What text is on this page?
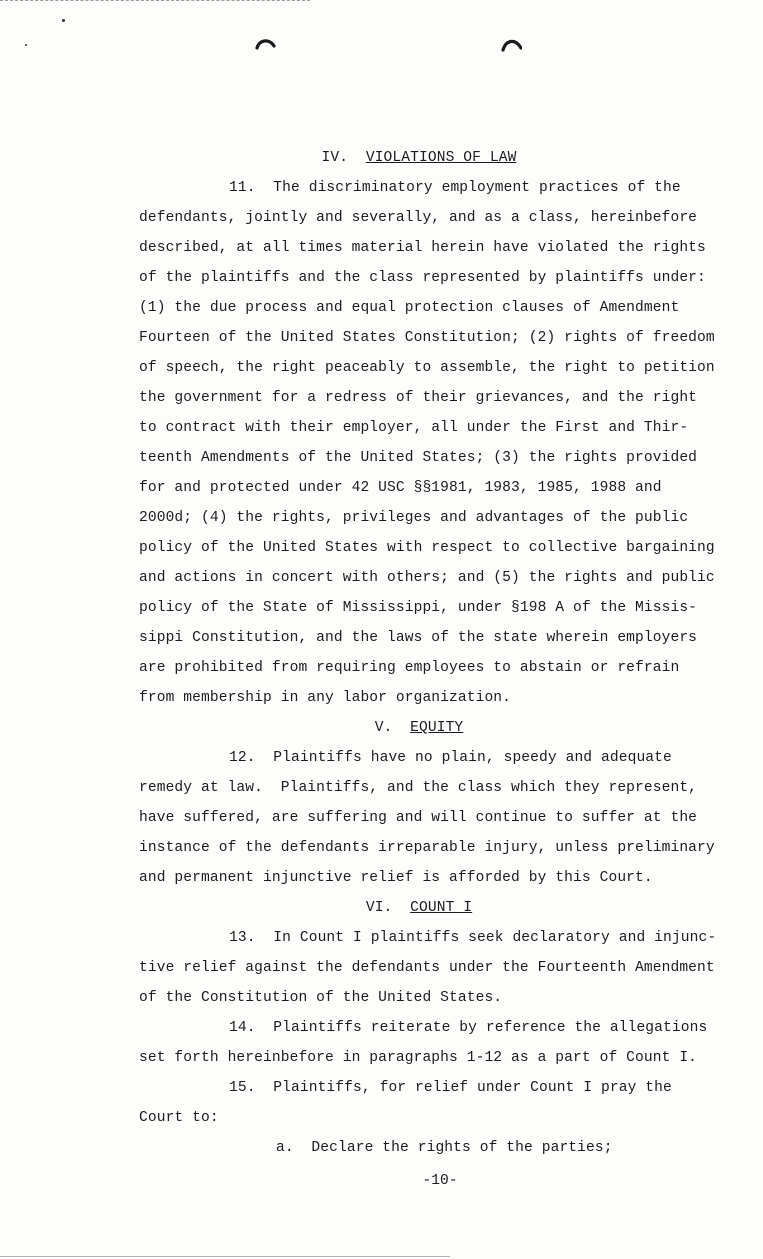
IV. VIOLATIONS OF LAW
11.  The discriminatory employment practices of the
defendants, jointly and severally, and as a class, hereinbefore
described, at all times material herein have violated the rights
of the plaintiffs and the class represented by plaintiffs under:
(1) the due process and equal protection clauses of Amendment
Fourteen of the United States Constitution; (2) rights of freedom
of speech, the right peaceably to assemble, the right to petition
the government for a redress of their grievances, and the right
to contract with their employer, all under the First and Thir-
teenth Amendments of the United States; (3) the rights provided
for and protected under 42 USC §§1981, 1983, 1985, 1988 and
2000d; (4) the rights, privileges and advantages of the public
policy of the United States with respect to collective bargaining
and actions in concert with others; and (5) the rights and public
policy of the State of Mississippi, under §198 A of the Missis-
sippi Constitution, and the laws of the state wherein employers
are prohibited from requiring employees to abstain or refrain
from membership in any labor organization.
V. EQUITY
12.  Plaintiffs have no plain, speedy and adequate
remedy at law.  Plaintiffs, and the class which they represent,
have suffered, are suffering and will continue to suffer at the
instance of the defendants irreparable injury, unless preliminary
and permanent injunctive relief is afforded by this Court.
VI. COUNT I
13.  In Count I plaintiffs seek declaratory and injunc-
tive relief against the defendants under the Fourteenth Amendment
of the Constitution of the United States.
14.  Plaintiffs reiterate by reference the allegations
set forth hereinbefore in paragraphs 1-12 as a part of Count I.
15.  Plaintiffs, for relief under Count I pray the
Court to:
a.  Declare the rights of the parties;
-10-
